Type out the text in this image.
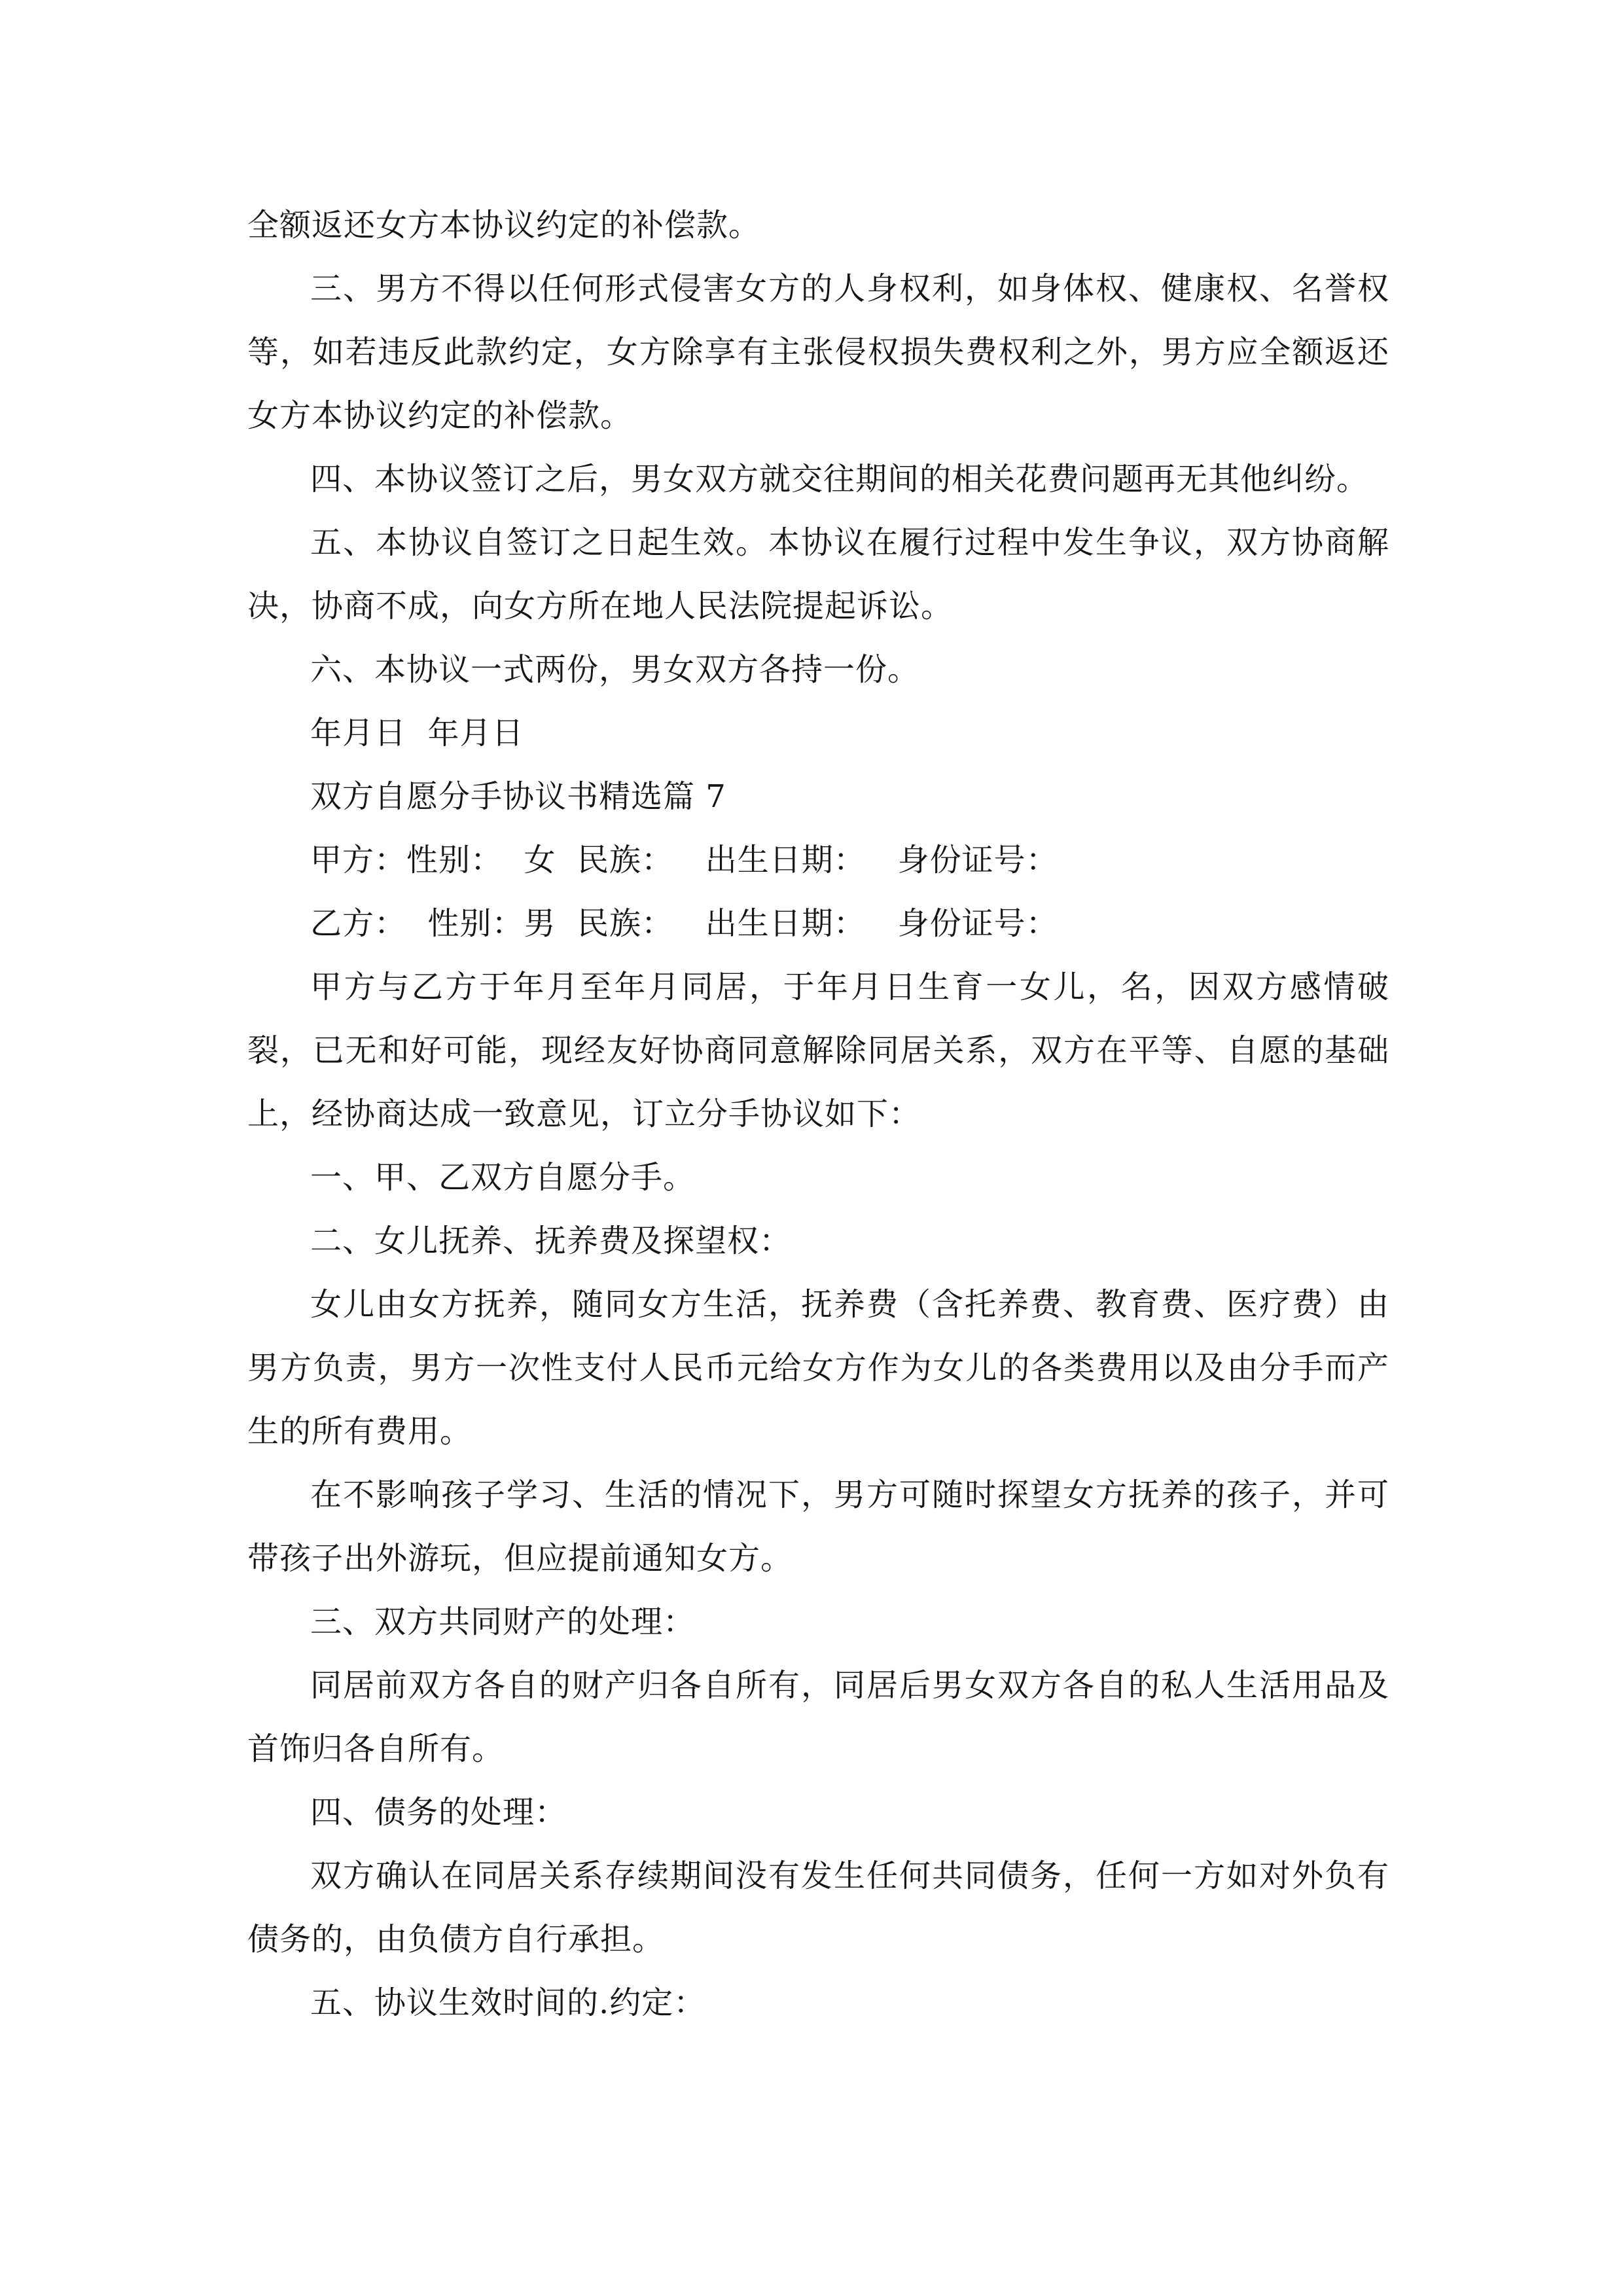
全额返还女方本协议约定的补偿款。

三、男方不得以任何形式侵害女方的人身权利，如身体权、健康权、名誉权等，如若违反此款约定，女方除享有主张侵权损失费权利之外，男方应全额返还女方本协议约定的补偿款。

四、本协议签订之后，男女双方就交往期间的相关花费问题再无其他纠纷。

五、本协议自签订之日起生效。本协议在履行过程中发生争议，双方协商解决，协商不成，向女方所在地人民法院提起诉讼。

六、本协议一式两份，男女双方各持一份。

年月日  年月日

双方自愿分手协议书精选篇 7

甲方：性别：  女  民族：   出生日期：   身份证号：

乙方：  性别：男  民族：   出生日期：   身份证号：

甲方与乙方于年月至年月同居，于年月日生育一女儿，名，因双方感情破裂，已无和好可能，现经友好协商同意解除同居关系，双方在平等、自愿的基础上，经协商达成一致意见，订立分手协议如下：

一、甲、乙双方自愿分手。

二、女儿抚养、抚养费及探望权：

女儿由女方抚养，随同女方生活，抚养费（含托养费、教育费、医疗费）由男方负责，男方一次性支付人民币元给女方作为女儿的各类费用以及由分手而产生的所有费用。

在不影响孩子学习、生活的情况下，男方可随时探望女方抚养的孩子，并可带孩子出外游玩，但应提前通知女方。

三、双方共同财产的处理：

同居前双方各自的财产归各自所有，同居后男女双方各自的私人生活用品及首饰归各自所有。

四、债务的处理：

双方确认在同居关系存续期间没有发生任何共同债务，任何一方如对外负有债务的，由负债方自行承担。

五、协议生效时间的.约定：
